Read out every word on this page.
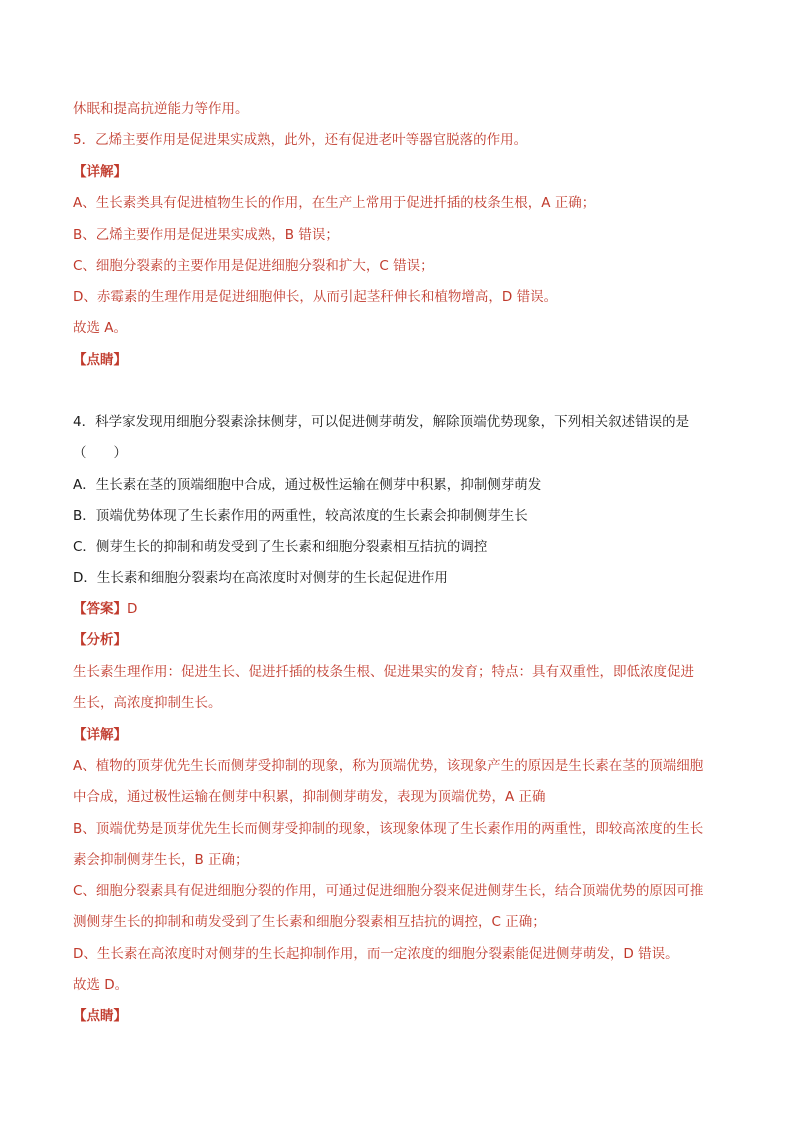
休眠和提高抗逆能力等作用。
5．乙烯主要作用是促进果实成熟，此外，还有促进老叶等器官脱落的作用。
【详解】
A、生长素类具有促进植物生长的作用，在生产上常用于促进扦插的枝条生根，A 正确；
B、乙烯主要作用是促进果实成熟，B 错误；
C、细胞分裂素的主要作用是促进细胞分裂和扩大，C 错误；
D、赤霉素的生理作用是促进细胞伸长，从而引起茎秆伸长和植物增高，D 错误。
故选 A。
【点睛】
4．科学家发现用细胞分裂素涂抹侧芽，可以促进侧芽萌发，解除顶端优势现象，下列相关叙述错误的是
（　　）
A．生长素在茎的顶端细胞中合成，通过极性运输在侧芽中积累，抑制侧芽萌发
B．顶端优势体现了生长素作用的两重性，较高浓度的生长素会抑制侧芽生长
C．侧芽生长的抑制和萌发受到了生长素和细胞分裂素相互拮抗的调控
D．生长素和细胞分裂素均在高浓度时对侧芽的生长起促进作用
【答案】D
【分析】
生长素生理作用：促进生长、促进扦插的枝条生根、促进果实的发育；特点：具有双重性，即低浓度促进
生长，高浓度抑制生长。
【详解】
A、植物的顶芽优先生长而侧芽受抑制的现象，称为顶端优势，该现象产生的原因是生长素在茎的顶端细胞
中合成，通过极性运输在侧芽中积累，抑制侧芽萌发，表现为顶端优势，A 正确
B、顶端优势是顶芽优先生长而侧芽受抑制的现象，该现象体现了生长素作用的两重性，即较高浓度的生长
素会抑制侧芽生长，B 正确；
C、细胞分裂素具有促进细胞分裂的作用，可通过促进细胞分裂来促进侧芽生长，结合顶端优势的原因可推
测侧芽生长的抑制和萌发受到了生长素和细胞分裂素相互拮抗的调控，C 正确；
D、生长素在高浓度时对侧芽的生长起抑制作用，而一定浓度的细胞分裂素能促进侧芽萌发，D 错误。
故选 D。
【点睛】
